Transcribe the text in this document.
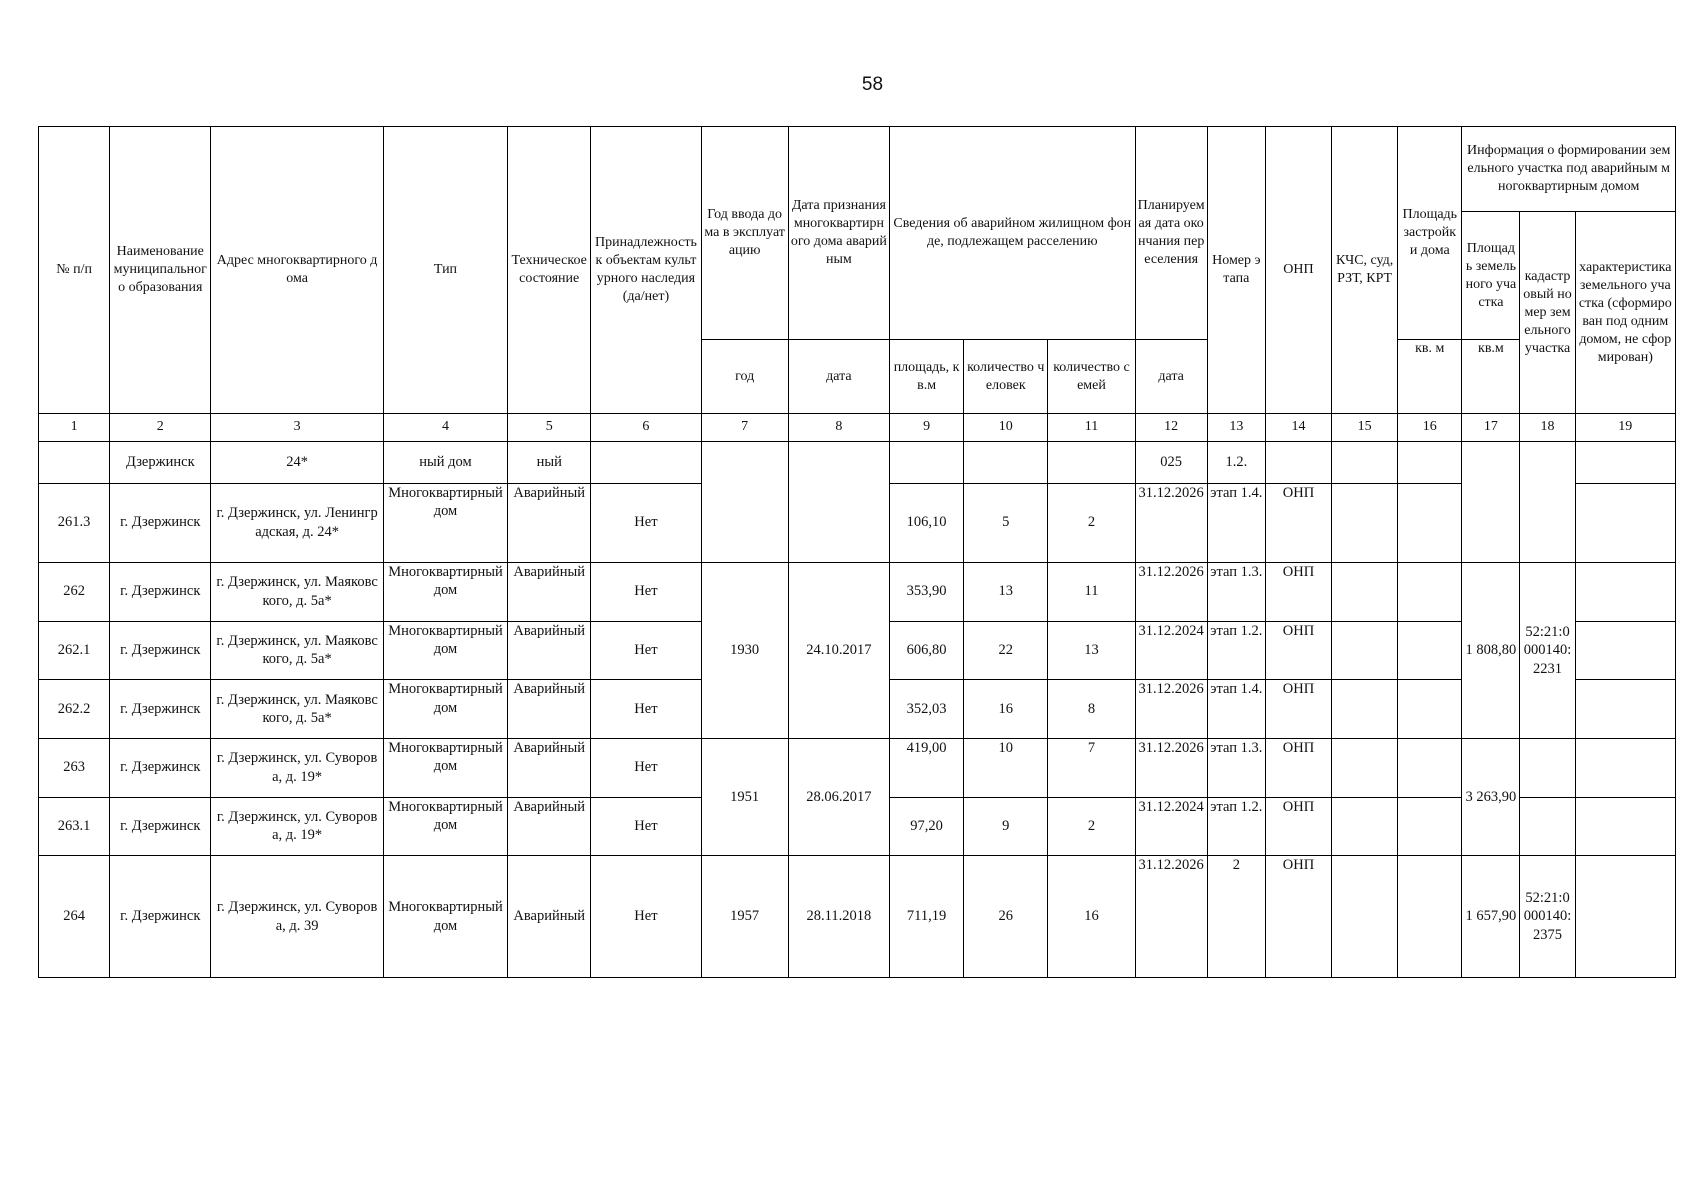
58
№ п/п	Наименование муниципального образования	Адрес многоквартирного дома	Тип	Техническое состояние	Принадлежность к объектам культурного наследия (да/нет)	Год ввода дома в эксплуатацию	Дата признания многоквартирного дома аварийным	Сведения об аварийном жилищном фонде, подлежащем расселению			Планируемая дата окончания переселения	Номер этапа	ОНП	КЧС, суд, РЗТ, КРТ	Площадь застройки дома	Информация о формировании земельного участка под аварийным многоквартирным домом		
																Площадь земельного участка	кадастровый номер земельного участка	характеристика земельного участка (сформирован под одним домом, не сформирован)
						год	дата	площадь, кв.м	количество человек	количество семей	дата				кв. м	кв.м		
1	2	3	4	5	6	7	8	9	10	11	12	13	14	15	16	17	18	19
	Дзержинск	24*	ный дом	ный							025	1.2.						
261.3	г. Дзержинск	г. Дзержинск, ул. Ленинградская, д. 24*	Многоквартирный дом	Аварийный	Нет			106,10	5	2	31.12.2026	этап 1.4.	ОНП					
262	г. Дзержинск	г. Дзержинск, ул. Маяковского, д. 5а*	Многоквартирный дом	Аварийный	Нет	1930	24.10.2017	353,90	13	11	31.12.2026	этап 1.3.	ОНП			1 808,80	52:21:0000140:2231	
262.1	г. Дзержинск	г. Дзержинск, ул. Маяковского, д. 5а*	Многоквартирный дом	Аварийный	Нет			606,80	22	13	31.12.2024	этап 1.2.	ОНП					
262.2	г. Дзержинск	г. Дзержинск, ул. Маяковского, д. 5а*	Многоквартирный дом	Аварийный	Нет			352,03	16	8	31.12.2026	этап 1.4.	ОНП					
263	г. Дзержинск	г. Дзержинск, ул. Суворова, д. 19*	Многоквартирный дом	Аварийный	Нет	1951	28.06.2017	419,00	10	7	31.12.2026	этап 1.3.	ОНП			3 263,90		
263.1	г. Дзержинск	г. Дзержинск, ул. Суворова, д. 19*	Многоквартирный дом	Аварийный	Нет			97,20	9	2	31.12.2024	этап 1.2.	ОНП					
264	г. Дзержинск	г. Дзержинск, ул. Суворова, д. 39	Многоквартирный дом	Аварийный	Нет	1957	28.11.2018	711,19	26	16	31.12.2026	2	ОНП			1 657,90	52:21:0000140:2375	
